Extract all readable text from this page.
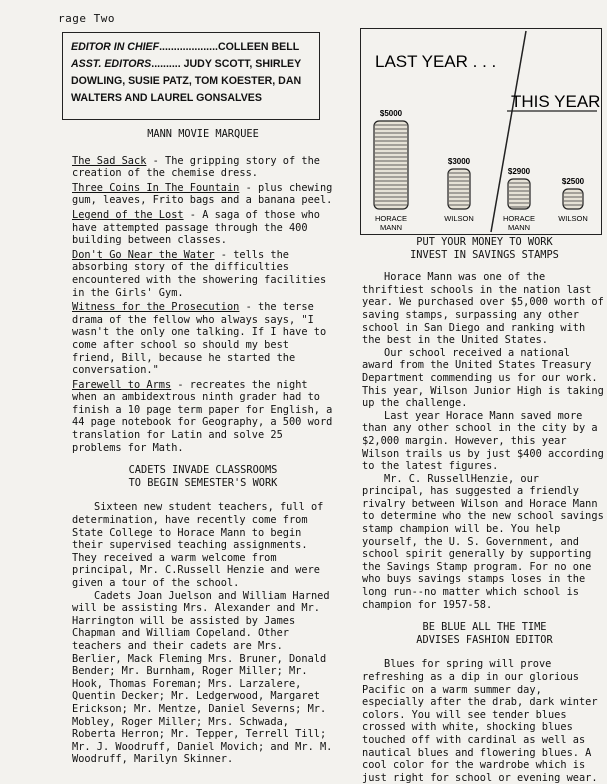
rage Two
EDITOR IN CHIEF....................COLLEEN BELL
ASST. EDITORS.......... JUDY SCOTT, SHIRLEY
DOWLING, SUSIE PATZ, TOM KOESTER, DAN
WALTERS AND LAUREL GONSALVES
MANN MOVIE MARQUEE

The Sad Sack - The gripping story of the creation of the chemise dress.

Three Coins In The Fountain - plus chewing gum, leaves, Frito bags and a banana peel.

Legend of the Lost - A saga of those who have attempted passage through the 400 building between classes.

Don't Go Near the Water - tells the absorbing story of the difficulties encountered with the showering facilities in the Girls' Gym.

Witness for the Prosecution - the terse drama of the fellow who always says, "I wasn't the only one talking. If I have to come after school so should my best friend, Bill, because he started the conversation."

Farewell to Arms - recreates the night when an ambidextrous ninth grader had to finish a 10 page term paper for English, a 44 page notebook for Geography, a 500 word translation for Latin and solve 25 problems for Math.

CADETS INVADE CLASSROOMS
TO BEGIN SEMESTER'S WORK

Sixteen new student teachers, full of determination, have recently come from State College to Horace Mann to begin their supervised teaching assignments. They received a warm welcome from principal, Mr. C.Russell Henzie and were given a tour of the school.

Cadets Joan Juelson and William Harned will be assisting Mrs. Alexander and Mr. Harrington will be assisted by James Chapman and William Copeland. Other teachers and their cadets are Mrs. Berlier, Mack Fleming Mrs. Bruner, Donald Bender; Mr. Burnham, Roger Miller; Mr. Hook, Thomas Foreman; Mrs. Larzalere, Quentin Decker; Mr. Ledgerwood, Margaret Erickson; Mr. Mentze, Daniel Severns; Mr. Mobley, Roger Miller; Mrs. Schwada, Roberta Herron; Mr. Tepper, Terrell Till; Mr. J. Woodruff, Daniel Movich; and Mr. M. Woodruff, Marilyn Skinner.

LAST YEAR . . .
THIS YEAR
$5000
HORACE
MANN
$3000
WILSON
$2900
HORACE
MANN
$2500
WILSON
PUT YOUR MONEY TO WORK
INVEST IN SAVINGS STAMPS

Horace Mann was one of the thriftiest schools in the nation last year. We purchased over $5,000 worth of saving stamps, surpassing any other school in San Diego and ranking with the best in the United States.

Our school received a national award from the United States Treasury Department commending us for our work. This year, Wilson Junior High is taking up the challenge.

Last year Horace Mann saved more than any other school in the city by a $2,000 margin. However, this year Wilson trails us by just $400 according to the latest figures.

Mr. C. RussellHenzie, our principal, has suggested a friendly rivalry between Wilson and Horace Mann to determine who the new school savings stamp champion will be. You help yourself, the U. S. Government, and school spirit generally by supporting the Savings Stamp program. For no one who buys savings stamps loses in the long run--no matter which school is champion for 1957-58.

BE BLUE ALL THE TIME
ADVISES FASHION EDITOR

Blues for spring will prove refreshing as a dip in our glorious Pacific on a warm summer day, especially after the drab, dark winter colors. You will see tender blues crossed with white, shocking blues touched off with cardinal as well as nautical blues and flowering blues. A cool color for the wardrobe which is just right for school or evening wear.
